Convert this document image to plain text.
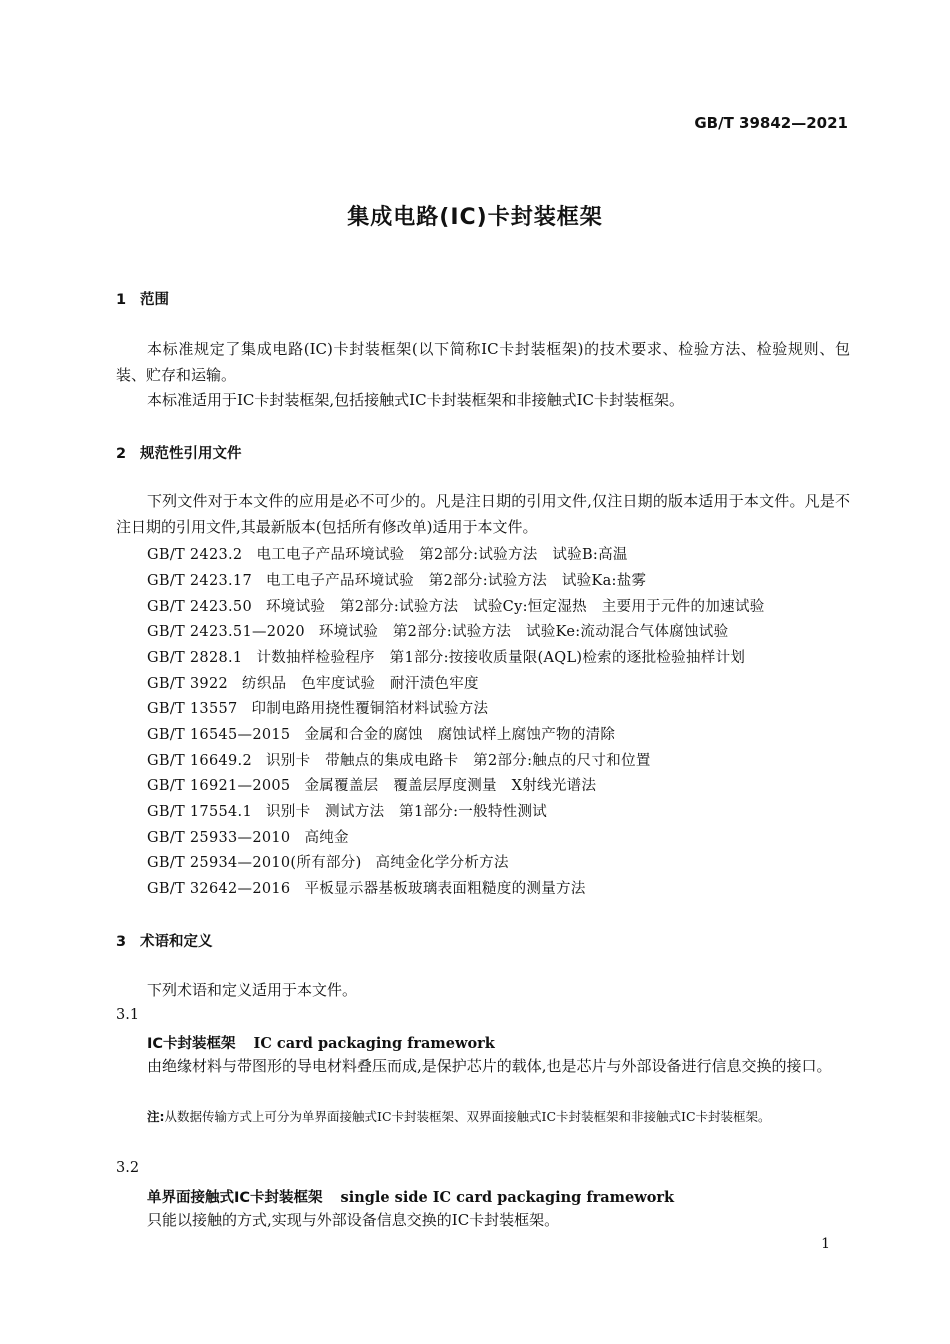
GB/T 39842—2021
集成电路(IC)卡封装框架
1 范围
本标准规定了集成电路(IC)卡封装框架(以下简称IC卡封装框架)的技术要求、检验方法、检验规则、包装、贮存和运输。
本标准适用于IC卡封装框架,包括接触式IC卡封装框架和非接触式IC卡封装框架。
2 规范性引用文件
下列文件对于本文件的应用是必不可少的。凡是注日期的引用文件,仅注日期的版本适用于本文件。凡是不注日期的引用文件,其最新版本(包括所有修改单)适用于本文件。
GB/T 2423.2 电工电子产品环境试验　第2部分:试验方法　试验B:高温
GB/T 2423.17 电工电子产品环境试验　第2部分:试验方法　试验Ka:盐雾
GB/T 2423.50 环境试验　第2部分:试验方法　试验Cy:恒定湿热　主要用于元件的加速试验
GB/T 2423.51—2020 环境试验　第2部分:试验方法　试验Ke:流动混合气体腐蚀试验
GB/T 2828.1 计数抽样检验程序　第1部分:按接收质量限(AQL)检索的逐批检验抽样计划
GB/T 3922 纺织品　色牢度试验　耐汗渍色牢度
GB/T 13557 印制电路用挠性覆铜箔材料试验方法
GB/T 16545—2015 金属和合金的腐蚀　腐蚀试样上腐蚀产物的清除
GB/T 16649.2 识别卡　带触点的集成电路卡　第2部分:触点的尺寸和位置
GB/T 16921—2005 金属覆盖层　覆盖层厚度测量　X射线光谱法
GB/T 17554.1 识别卡　测试方法　第1部分:一般特性测试
GB/T 25933—2010 高纯金
GB/T 25934—2010(所有部分) 高纯金化学分析方法
GB/T 32642—2016 平板显示器基板玻璃表面粗糙度的测量方法
3 术语和定义
下列术语和定义适用于本文件。
3.1
IC卡封装框架 IC card packaging framework
由绝缘材料与带图形的导电材料叠压而成,是保护芯片的载体,也是芯片与外部设备进行信息交换的接口。
注:从数据传输方式上可分为单界面接触式IC卡封装框架、双界面接触式IC卡封装框架和非接触式IC卡封装框架。
3.2
单界面接触式IC卡封装框架 single side IC card packaging framework
只能以接触的方式,实现与外部设备信息交换的IC卡封装框架。
1
